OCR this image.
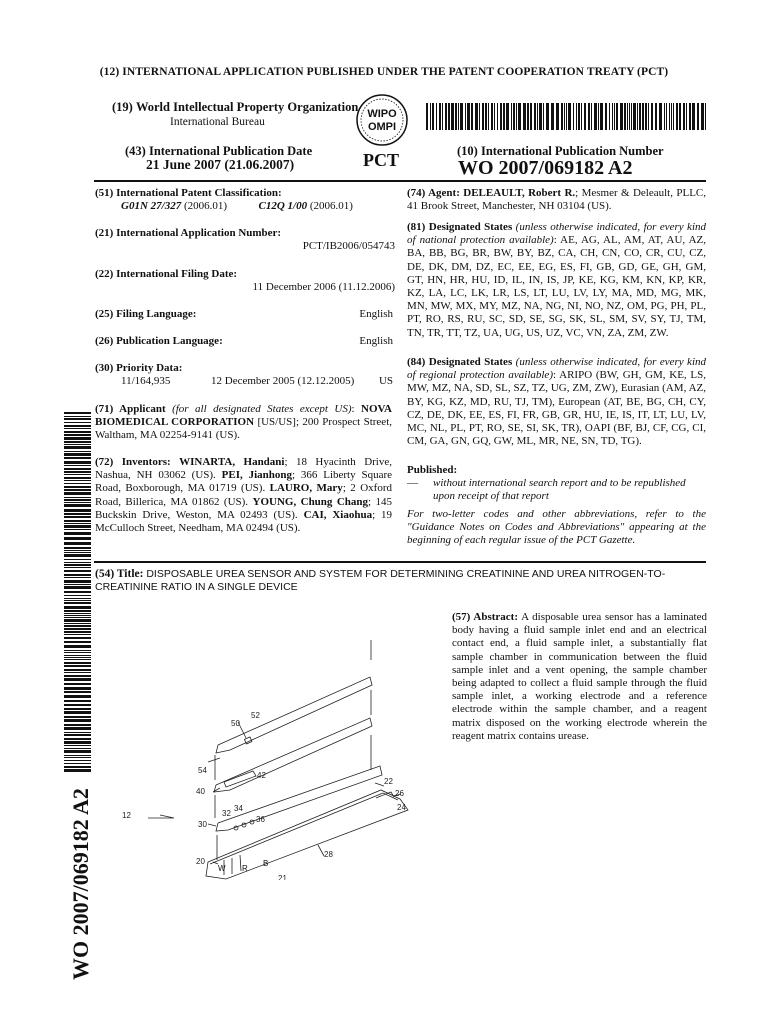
(12) INTERNATIONAL APPLICATION PUBLISHED UNDER THE PATENT COOPERATION TREATY (PCT)
(19) World Intellectual Property Organization
International Bureau
WIPO
OMPI
(43) International Publication Date
21 June 2007 (21.06.2007)	PCT	(10) International Publication Number
WO 2007/069182 A2
(51) International Patent Classification:
G01N 27/327 (2006.01)	C12Q 1/00 (2006.01)
(21) International Application Number:
PCT/IB2006/054743
(22) International Filing Date:
11 December 2006 (11.12.2006)
(25) Filing Language:	English
(26) Publication Language:	English
(30) Priority Data:
11/164,935	12 December 2005 (12.12.2005) US
(71) Applicant (for all designated States except US): NOVA BIOMEDICAL CORPORATION [US/US]; 200 Prospect Street, Waltham, MA 02254-9141 (US).
(72) Inventors: WINARTA, Handani; 18 Hyacinth Drive, Nashua, NH 03062 (US). PEI, Jianhong; 366 Liberty Square Road, Boxborough, MA 01719 (US). LAURO, Mary; 2 Oxford Road, Billerica, MA 01862 (US). YOUNG, Chung Chang; 145 Buckskin Drive, Weston, MA 02493 (US). CAI, Xiaohua; 19 McCulloch Street, Needham, MA 02494 (US).
(74) Agent: DELEAULT, Robert R.; Mesmer & Deleault, PLLC, 41 Brook Street, Manchester, NH 03104 (US).
(81) Designated States (unless otherwise indicated, for every kind of national protection available): AE, AG, AL, AM, AT, AU, AZ, BA, BB, BG, BR, BW, BY, BZ, CA, CH, CN, CO, CR, CU, CZ, DE, DK, DM, DZ, EC, EE, EG, ES, FI, GB, GD, GE, GH, GM, GT, HN, HR, HU, ID, IL, IN, IS, JP, KE, KG, KM, KN, KP, KR, KZ, LA, LC, LK, LR, LS, LT, LU, LV, LY, MA, MD, MG, MK, MN, MW, MX, MY, MZ, NA, NG, NI, NO, NZ, OM, PG, PH, PL, PT, RO, RS, RU, SC, SD, SE, SG, SK, SL, SM, SV, SY, TJ, TM, TN, TR, TT, TZ, UA, UG, US, UZ, VC, VN, ZA, ZM, ZW.
(84) Designated States (unless otherwise indicated, for every kind of regional protection available): ARIPO (BW, GH, GM, KE, LS, MW, MZ, NA, SD, SL, SZ, TZ, UG, ZM, ZW), Eurasian (AM, AZ, BY, KG, KZ, MD, RU, TJ, TM), European (AT, BE, BG, CH, CY, CZ, DE, DK, EE, ES, FI, FR, GB, GR, HU, IE, IS, IT, LT, LU, LV, MC, NL, PL, PT, RO, SE, SI, SK, TR), OAPI (BF, BJ, CF, CG, CI, CM, GA, GN, GQ, GW, ML, MR, NE, SN, TD, TG).
Published:
— without international search report and to be republished upon receipt of that report
For two-letter codes and other abbreviations, refer to the "Guidance Notes on Codes and Abbreviations" appearing at the beginning of each regular issue of the PCT Gazette.
(54) Title: DISPOSABLE UREA SENSOR AND SYSTEM FOR DETERMINING CREATININE AND UREA NITROGEN-TO-CREATININE RATIO IN A SINGLE DEVICE
(57) Abstract: A disposable urea sensor has a laminated body having a fluid sample inlet end and an electrical contact end, a fluid sample inlet, a substantially flat sample chamber in communication between the fluid sample inlet and a vent opening, the sample chamber being adapted to collect a fluid sample through the fluid sample inlet, a working electrode and a reference electrode within the sample chamber, and a reagent matrix disposed on the working electrode wherein the reagent matrix contains urease.
WO 2007/069182 A2
50
52
54
42
40
22
26
24
12	32
34
36
30
28
20
21
W R
B
